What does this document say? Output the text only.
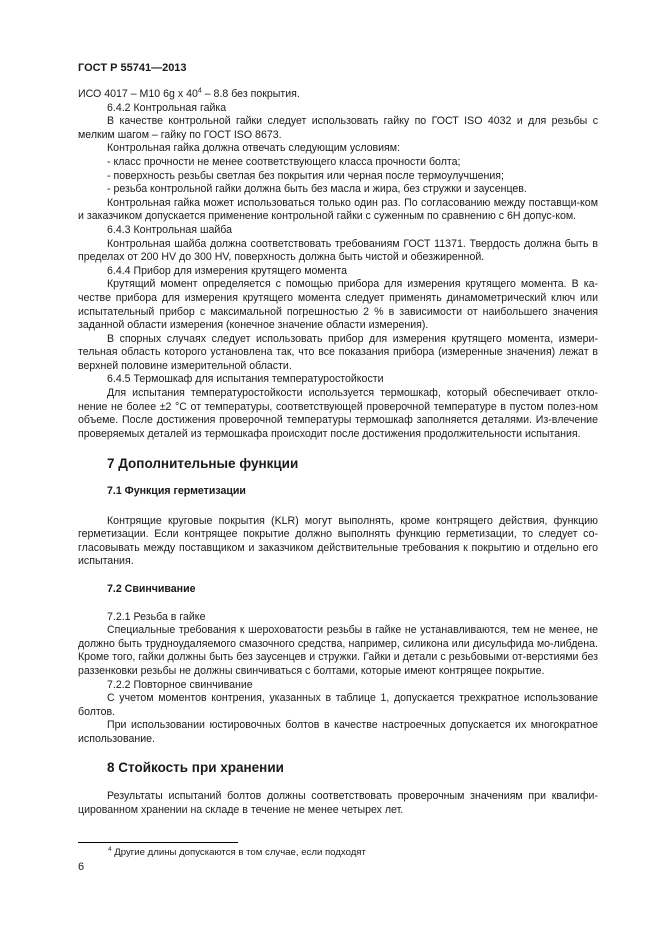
ГОСТ Р 55741—2013

ИСО 4017 – М10 6g х $40^4 - 8.8$ без покрытия.

6.4.2 Контрольная гайка

В качестве контрольной гайки следует использовать гайку по ГОСТ ISO 4032 и для резьбы с мелким шагом – гайку по ГОСТ ISO 8673.

Контрольная гайка должна отвечать следующим условиям:

- класс прочности не менее соответствующего класса прочности болта;

- поверхность резьбы светлая без покрытия или черная после термоулучшения;

- резьба контрольной гайки должна быть без масла и жира, без стружки и заусенцев.

Контрольная гайка может использоваться только один раз. По согласованию между поставщи-ком и заказчиком допускается применение контрольной гайки с суженным по сравнению с 6Н допус-ком.

6.4.3 Контрольная шайба

Контрольная шайба должна соответствовать требованиям ГОСТ 11371. Твердость должна быть в пределах от 200 HV до 300 HV, поверхность должна быть чистой и обезжиренной.

6.4.4 Прибор для измерения крутящего момента

Крутящий момент определяется с помощью прибора для измерения крутящего момента. В ка-честве прибора для измерения крутящего момента следует применять динамометрический ключ или испытательный прибор с максимальной погрешностью 2 % в зависимости от наибольшего значения заданной области измерения (конечное значение области измерения).

В спорных случаях следует использовать прибор для измерения крутящего момента, измери-тельная область которого установлена так, что все показания прибора (измеренные значения) лежат в верхней половине измерительной области.

6.4.5 Термошкаф для испытания температуростойкости

Для испытания температуростойкости используется термошкаф, который обеспечивает откло-нение не более ±2 °С от температуры, соответствующей проверочной температуре в пустом полез-ном объеме. После достижения проверочной температуры термошкаф заполняется деталями. Из-влечение проверяемых деталей из термошкафа происходит после достижения продолжительности испытания.

7 Дополнительные функции

7.1 Функция герметизации

Контрящие круговые покрытия (KLR) могут выполнять, кроме контрящего действия, функцию герметизации. Если контрящее покрытие должно выполнять функцию герметизации, то следует со-гласовывать между поставщиком и заказчиком действительные требования к покрытию и отдельно его испытания.

7.2 Свинчивание

7.2.1 Резьба в гайке

Специальные требования к шероховатости резьбы в гайке не устанавливаются, тем не менее, не должно быть трудноудаляемого смазочного средства, например, силикона или дисульфида мо-либдена. Кроме того, гайки должны быть без заусенцев и стружки. Гайки и детали с резьбовыми от-верстиями без раззенковки резьбы не должны свинчиваться с болтами, которые имеют контрящее покрытие.

7.2.2 Повторное свинчивание

С учетом моментов контрения, указанных в таблице 1, допускается трехкратное использование болтов.

При использовании юстировочных болтов в качестве настроечных допускается их многократное использование.

8 Стойкость при хранении

Результаты испытаний болтов должны соответствовать проверочным значениям при квалифи-цированном хранении на складе в течение не менее четырех лет.

$^4$ Другие длины допускаются в том случае, если подходят
6
